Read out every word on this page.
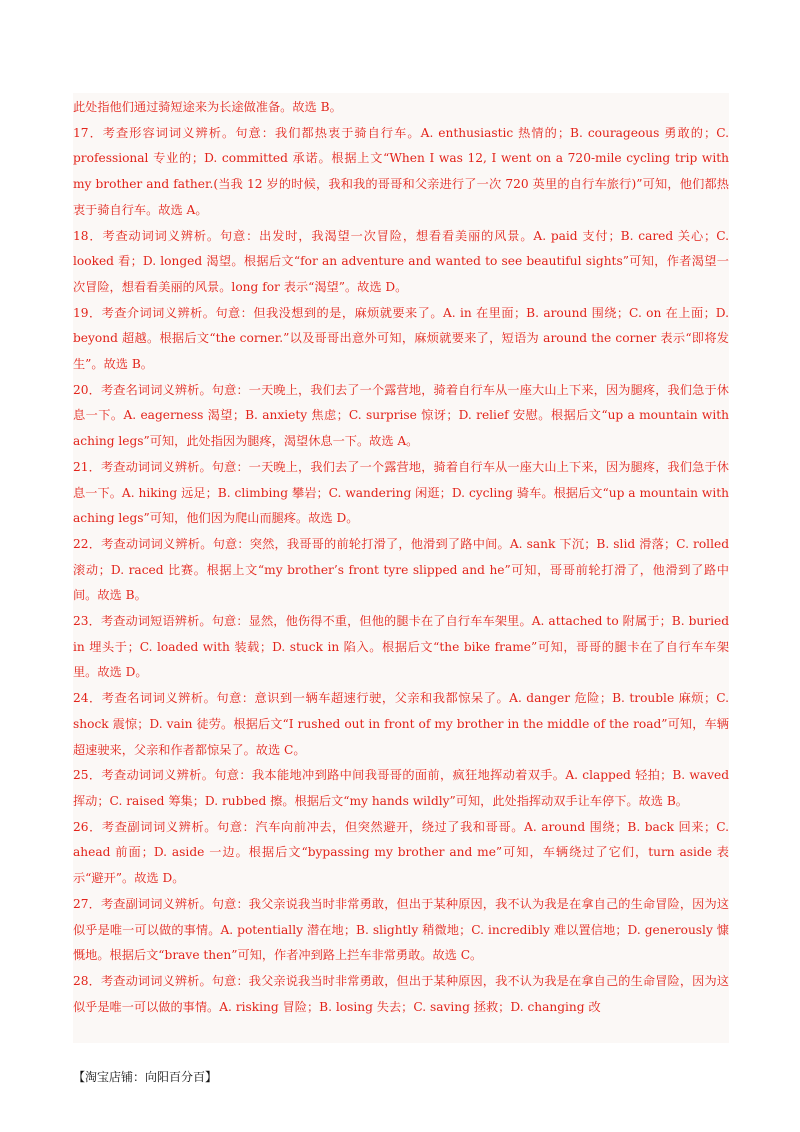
此处指他们通过骑短途来为长途做准备。故选 B。

17．考查形容词词义辨析。句意：我们都热衷于骑自行车。A. enthusiastic 热情的；B. courageous 勇敢的；C. professional 专业的；D. committed 承诺。根据上文“When I was 12, I went on a 720-mile cycling trip with my brother and father.(当我 12 岁的时候，我和我的哥哥和父亲进行了一次 720 英里的自行车旅行)”可知，他们都热衷于骑自行车。故选 A。

18．考查动词词义辨析。句意：出发时，我渴望一次冒险，想看看美丽的风景。A. paid 支付；B. cared 关心；C. looked 看；D. longed 渴望。根据后文“for an adventure and wanted to see beautiful sights”可知，作者渴望一次冒险，想看看美丽的风景。long for 表示“渴望”。故选 D。

19．考查介词词义辨析。句意：但我没想到的是，麻烦就要来了。A. in 在里面；B. around 围绕；C. on 在上面；D. beyond 超越。根据后文“the corner.”以及哥哥出意外可知，麻烦就要来了，短语为 around the corner 表示“即将发生”。故选 B。

20．考查名词词义辨析。句意：一天晚上，我们去了一个露营地，骑着自行车从一座大山上下来，因为腿疼，我们急于休息一下。A. eagerness 渴望；B. anxiety 焦虑；C. surprise 惊讶；D. relief 安慰。根据后文“up a mountain with aching legs”可知，此处指因为腿疼，渴望休息一下。故选 A。

21．考查动词词义辨析。句意：一天晚上，我们去了一个露营地，骑着自行车从一座大山上下来，因为腿疼，我们急于休息一下。A. hiking 远足；B. climbing 攀岩；C. wandering 闲逛；D. cycling 骑车。根据后文“up a mountain with aching legs”可知，他们因为爬山而腿疼。故选 D。

22．考查动词词义辨析。句意：突然，我哥哥的前轮打滑了，他滑到了路中间。A. sank 下沉；B. slid 滑落；C. rolled 滚动；D. raced 比赛。根据上文“my brother’s front tyre slipped and he”可知，哥哥前轮打滑了，他滑到了路中间。故选 B。

23．考查动词短语辨析。句意：显然，他伤得不重，但他的腿卡在了自行车车架里。A. attached to 附属于；B. buried in 埋头于；C. loaded with 装载；D. stuck in 陷入。根据后文“the bike frame”可知，哥哥的腿卡在了自行车车架里。故选 D。

24．考查名词词义辨析。句意：意识到一辆车超速行驶，父亲和我都惊呆了。A. danger 危险；B. trouble 麻烦；C. shock 震惊；D. vain 徒劳。根据后文“I rushed out in front of my brother in the middle of the road”可知，车辆超速驶来，父亲和作者都惊呆了。故选 C。

25．考查动词词义辨析。句意：我本能地冲到路中间我哥哥的面前，疯狂地挥动着双手。A. clapped 轻拍；B. waved 挥动；C. raised 筹集；D. rubbed 擦。根据后文“my hands wildly”可知，此处指挥动双手让车停下。故选 B。

26．考查副词词义辨析。句意：汽车向前冲去，但突然避开，绕过了我和哥哥。A. around 围绕；B. back 回来；C. ahead 前面；D. aside 一边。根据后文“bypassing my brother and me”可知，车辆绕过了它们，turn aside 表示“避开”。故选 D。

27．考查副词词义辨析。句意：我父亲说我当时非常勇敢，但出于某种原因，我不认为我是在拿自己的生命冒险，因为这似乎是唯一可以做的事情。A. potentially 潜在地；B. slightly 稍微地；C. incredibly 难以置信地；D. generously 慷慨地。根据后文“brave then”可知，作者冲到路上拦车非常勇敢。故选 C。

28．考查动词词义辨析。句意：我父亲说我当时非常勇敢，但出于某种原因，我不认为我是在拿自己的生命冒险，因为这似乎是唯一可以做的事情。A. risking 冒险；B. losing 失去；C. saving 拯救；D. changing 改

【淘宝店铺：向阳百分百】
